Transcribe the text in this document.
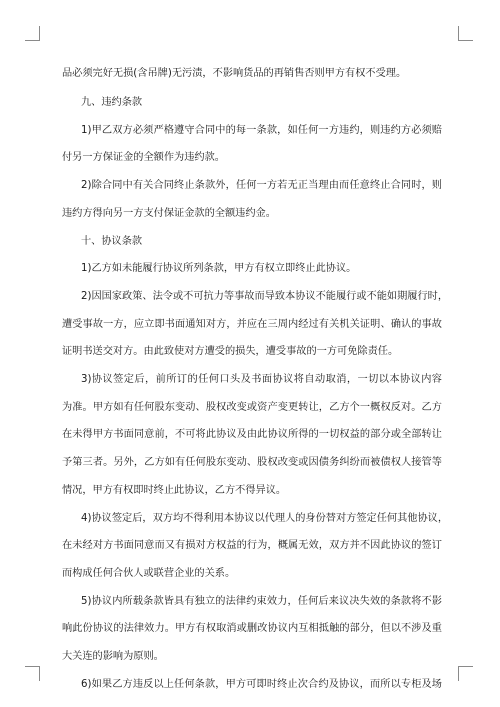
品必须完好无损(含吊牌)无污渍，不影响货品的再销售否则甲方有权不受理。
九、违约条款
1)甲乙双方必须严格遵守合同中的每一条款，如任何一方违约，则违约方必须赔
付另一方保证金的全额作为违约款。
2)除合同中有关合同终止条款外，任何一方若无正当理由而任意终止合同时，则
违约方得向另一方支付保证金款的全额违约金。
十、协议条款
1)乙方如未能履行协议所列条款，甲方有权立即终止此协议。
2)因国家政策、法令或不可抗力等事故而导致本协议不能履行或不能如期履行时，
遭受事故一方，应立即书面通知对方，并应在三周内经过有关机关证明、确认的事故
证明书送交对方。由此致使对方遭受的损失，遭受事故的一方可免除责任。
3)协议签定后，前所订的任何口头及书面协议将自动取消，一切以本协议内容
为准。甲方如有任何股东变动、股权改变或资产变更转让，乙方个一概权反对。乙方
在未得甲方书面同意前，不可将此协议及由此协议所得的一切权益的部分或全部转让
予第三者。另外，乙方如有任何股东变动、股权改变或因债务纠纷而被债权人接管等
情况，甲方有权即时终止此协议，乙方不得异议。
4)协议签定后，双方均不得利用本协议以代理人的身份替对方签定任何其他协议，
在未经对方书面同意而又有损对方权益的行为，概属无效，双方并不因此协议的签订
而构成任何合伙人或联营企业的关系。
5)协议内所载条款皆具有独立的法律约束效力，任何后来议决失效的条款将不影
响此份协议的法律效力。甲方有权取消或删改协议内互相抵触的部分，但以不涉及重
大关连的影响为原则。
6)如果乙方违反以上任何条款，甲方可即时终止次合约及协议，而所以专柜及场
